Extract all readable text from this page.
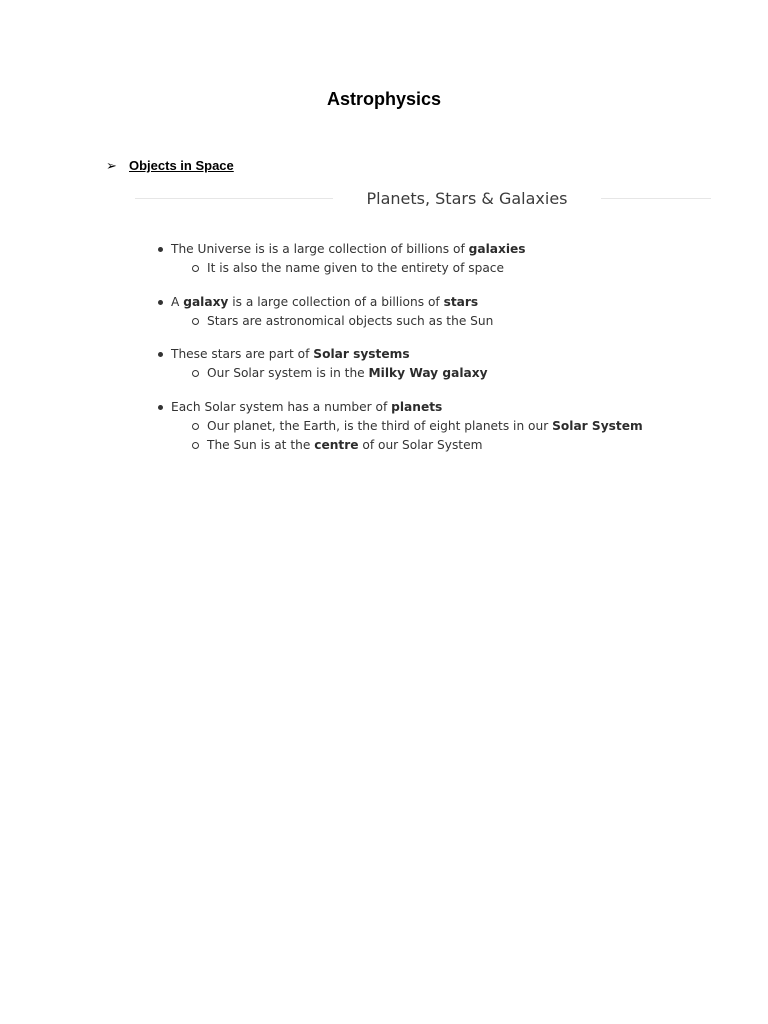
Astrophysics
➢ Objects in Space
Planets, Stars & Galaxies
The Universe is is a large collection of billions of galaxies
It is also the name given to the entirety of space
A galaxy is a large collection of a billions of stars
Stars are astronomical objects such as the Sun
These stars are part of Solar systems
Our Solar system is in the Milky Way galaxy
Each Solar system has a number of planets
Our planet, the Earth, is the third of eight planets in our Solar System
The Sun is at the centre of our Solar System
